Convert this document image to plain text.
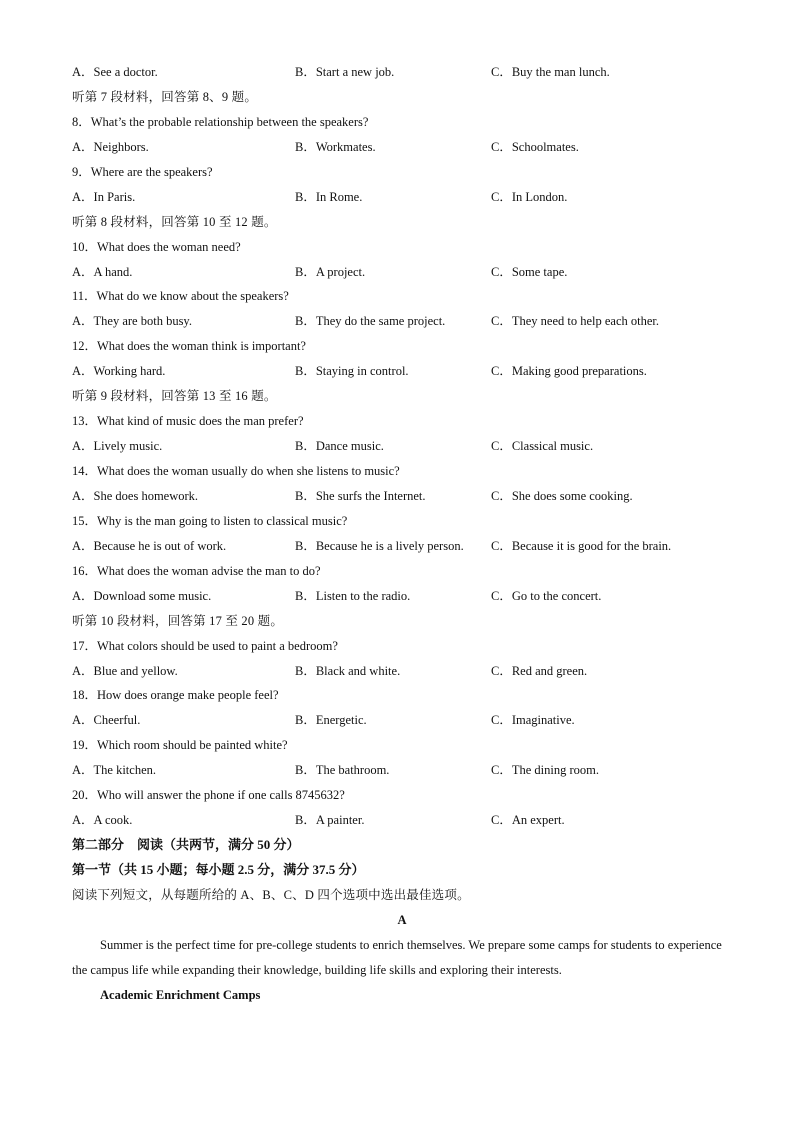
A．See a doctor.	B．Start a new job.	C．Buy the man lunch.
听第 7 段材料，回答第 8、9 题。
8．What’s the probable relationship between the speakers?
A．Neighbors.	B．Workmates.	C．Schoolmates.
9．Where are the speakers?
A．In Paris.	B．In Rome.	C．In London.
听第 8 段材料，回答第 10 至 12 题。
10．What does the woman need?
A．A hand.	B．A project.	C．Some tape.
11．What do we know about the speakers?
A．They are both busy.	B．They do the same project.	C．They need to help each other.
12．What does the woman think is important?
A．Working hard.	B．Staying in control.	C．Making good preparations.
听第 9 段材料，回答第 13 至 16 题。
13．What kind of music does the man prefer?
A．Lively music.	B．Dance music.	C．Classical music.
14．What does the woman usually do when she listens to music?
A．She does homework.	B．She surfs the Internet.	C．She does some cooking.
15．Why is the man going to listen to classical music?
A．Because he is out of work.	B．Because he is a lively person. C．Because it is good for the brain.
16．What does the woman advise the man to do?
A．Download some music.	B．Listen to the radio.	C．Go to the concert.
听第 10 段材料，回答第 17 至 20 题。
17．What colors should be used to paint a bedroom?
A．Blue and yellow.	B．Black and white.	C．Red and green.
18．How does orange make people feel?
A．Cheerful.	B．Energetic.	C．Imaginative.
19．Which room should be painted white?
A．The kitchen.	B．The bathroom.	C．The dining room.
20．Who will answer the phone if one calls 8745632?
A．A cook.	B．A painter.	C．An expert.
第二部分　阅读（共两节，满分 50 分）
第一节（共 15 小题；每小题 2.5 分，满分 37.5 分）
阅读下列短文，从每题所给的 A、B、C、D 四个选项中选出最佳选项。
A
Summer is the perfect time for pre-college students to enrich themselves. We prepare some camps for students to experience the campus life while expanding their knowledge, building life skills and exploring their interests.
Academic Enrichment Camps
